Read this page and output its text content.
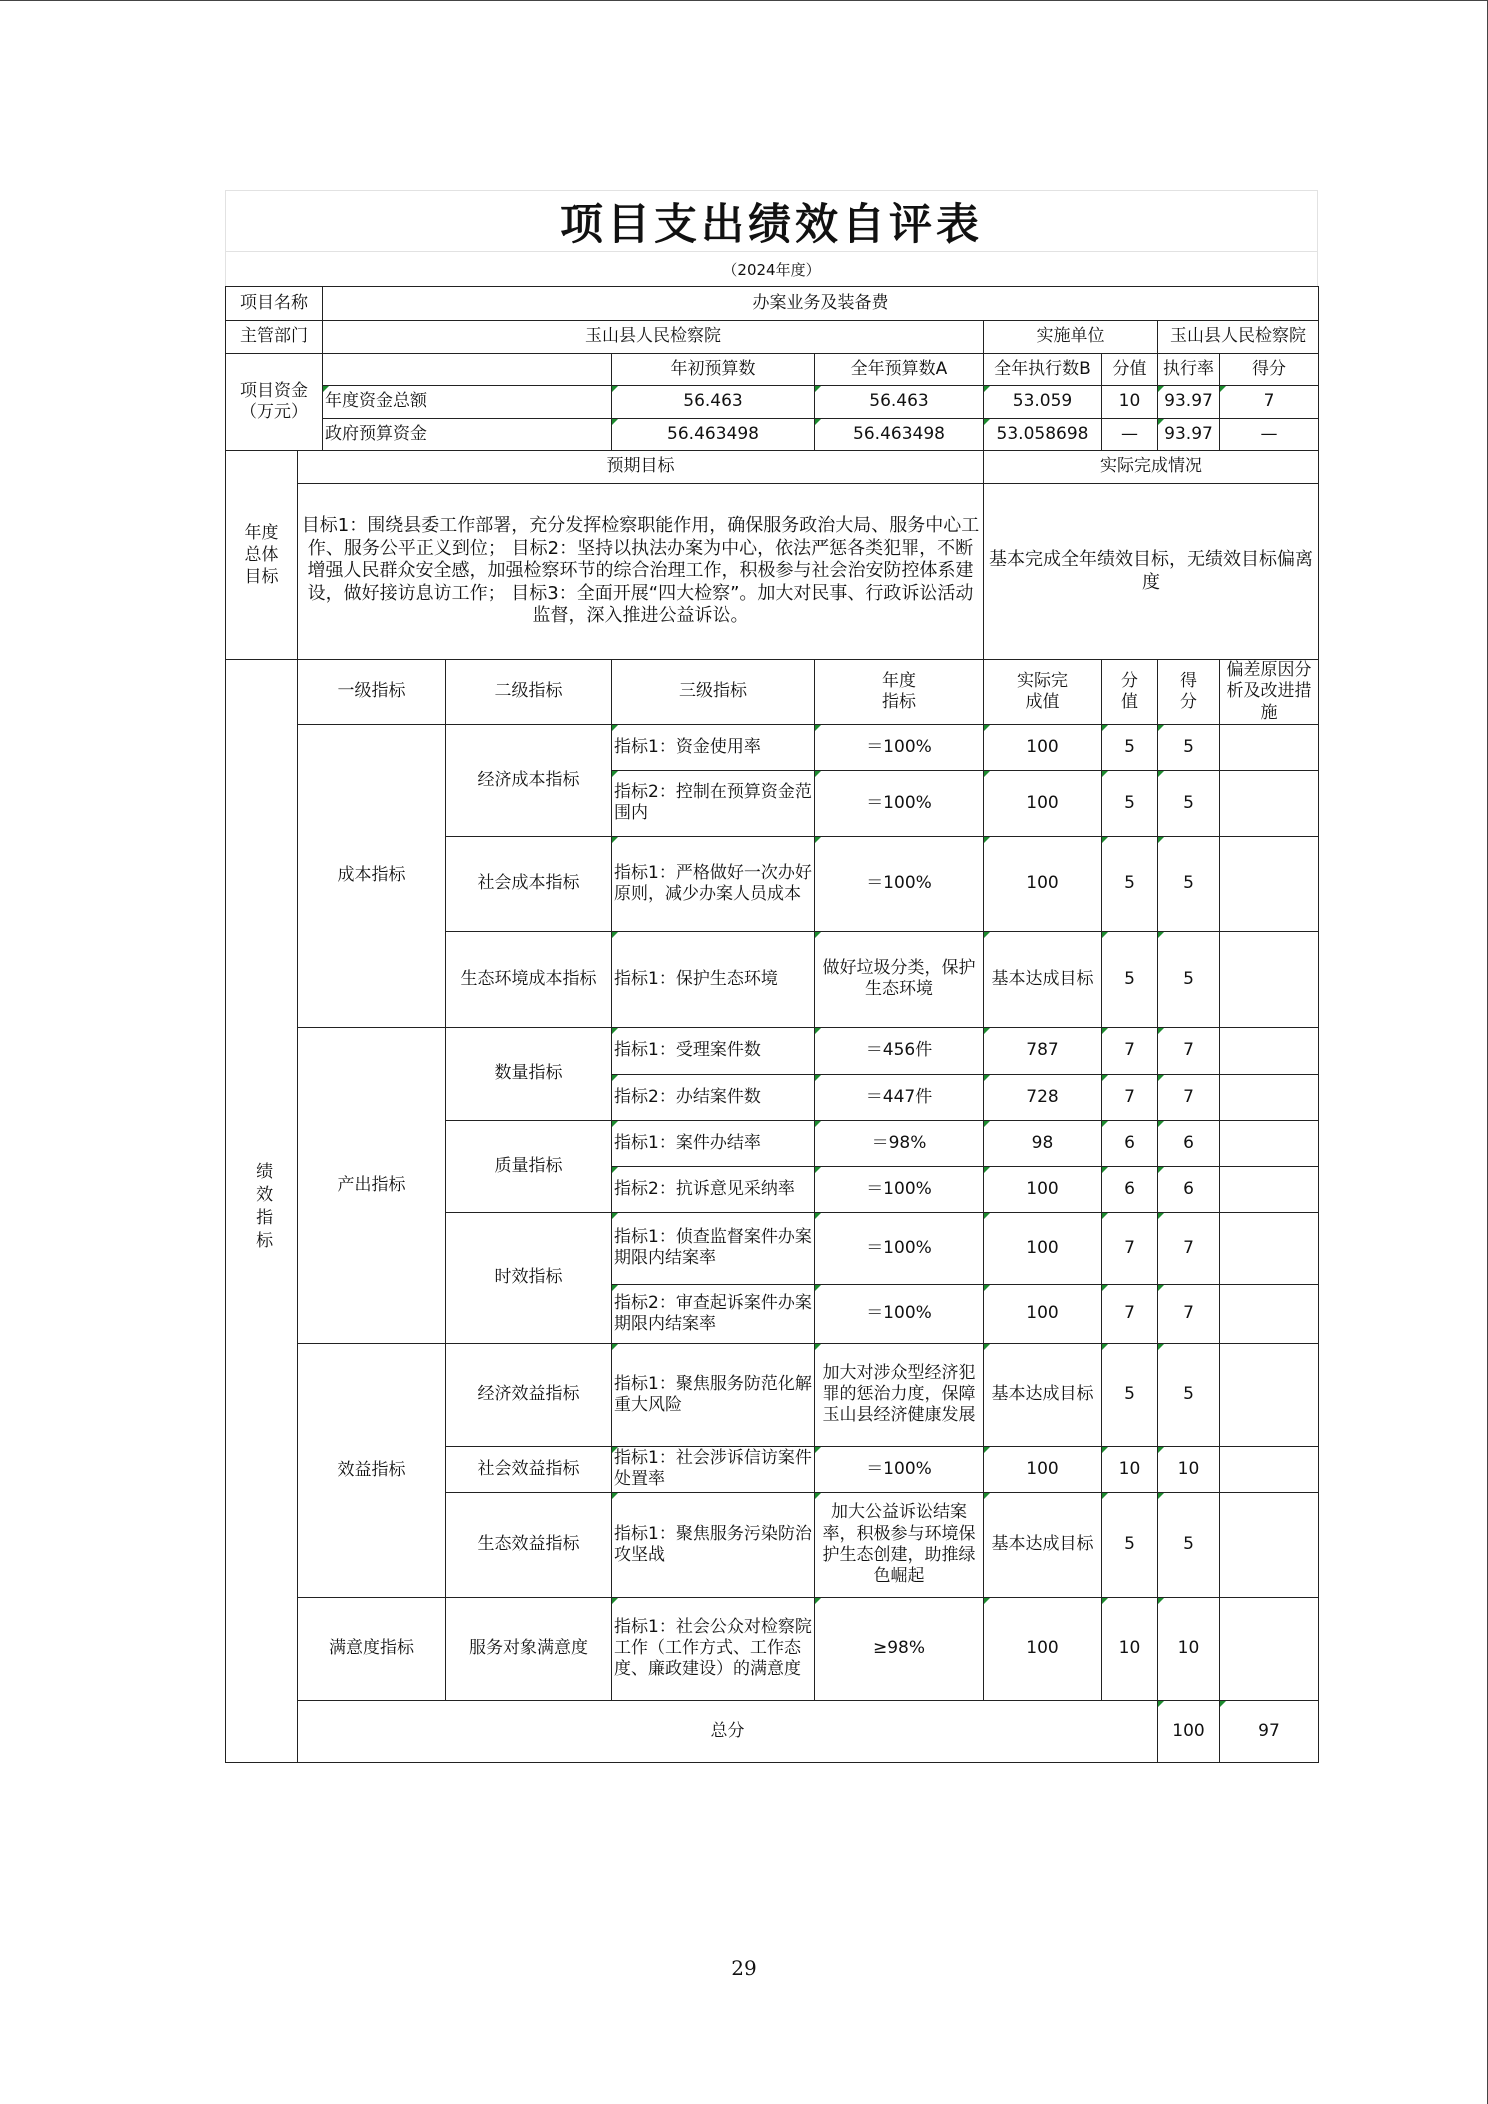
项目支出绩效自评表
（2024年度）
项目名称		办案业务及装备费								
主管部门		玉山县人民检察院				实施单位		玉山县人民检察院		
项目资金（万元）				年初预算数	全年预算数A	全年执行数B	分值	执行率	得分	
		年度资金总额		56.463	56.463	53.059	10	93.97	7	
		政府预算资金		56.463498	56.463498	53.058698	—	93.97	—	
年度总体目标	预期目标					实际完成情况				
	目标1：围绕县委工作部署，充分发挥检察职能作用，确保服务政治大局、服务中心工作、服务公平正义到位； 目标2：坚持以执法办案为中心，依法严惩各类犯罪，不断增强人民群众安全感，加强检察环节的综合治理工作，积极参与社会治安防控体系建设，做好接访息访工作； 目标3：全面开展“四大检察”。加大对民事、行政诉讼活动监督，深入推进公益诉讼。					基本完成全年绩效目标，无绩效目标偏离度				
绩效指标	一级指标		二级指标	三级指标	年度指标	实际完成值	分值	得分	偏差原因分析及改进措施	
	成本指标		经济成本指标	指标1：资金使用率	＝100%	100	5	5		
				指标2：控制在预算资金范围内	＝100%	100	5	5		
			社会成本指标	指标1：严格做好一次办好原则，减少办案人员成本	＝100%	100	5	5		
			生态环境成本指标	指标1：保护生态环境	做好垃圾分类，保护生态环境	基本达成目标	5	5		
	产出指标		数量指标	指标1：受理案件数	＝456件	787	7	7		
				指标2：办结案件数	＝447件	728	7	7		
			质量指标	指标1：案件办结率	＝98%	98	6	6		
				指标2：抗诉意见采纳率	＝100%	100	6	6		
			时效指标	指标1：侦查监督案件办案期限内结案率	＝100%	100	7	7		
				指标2：审查起诉案件办案期限内结案率	＝100%	100	7	7		
	效益指标		经济效益指标	指标1：聚焦服务防范化解重大风险	加大对涉众型经济犯罪的惩治力度，保障玉山县经济健康发展	基本达成目标	5	5		
			社会效益指标	指标1：社会涉诉信访案件处置率	＝100%	100	10	10		
			生态效益指标	指标1：聚焦服务污染防治攻坚战	加大公益诉讼结案率，积极参与环境保护生态创建，助推绿色崛起	基本达成目标	5	5		
	满意度指标		服务对象满意度	指标1：社会公众对检察院工作（工作方式、工作态度、廉政建设）的满意度	≥98%	100	10	10		
	总分							100	97	
29
